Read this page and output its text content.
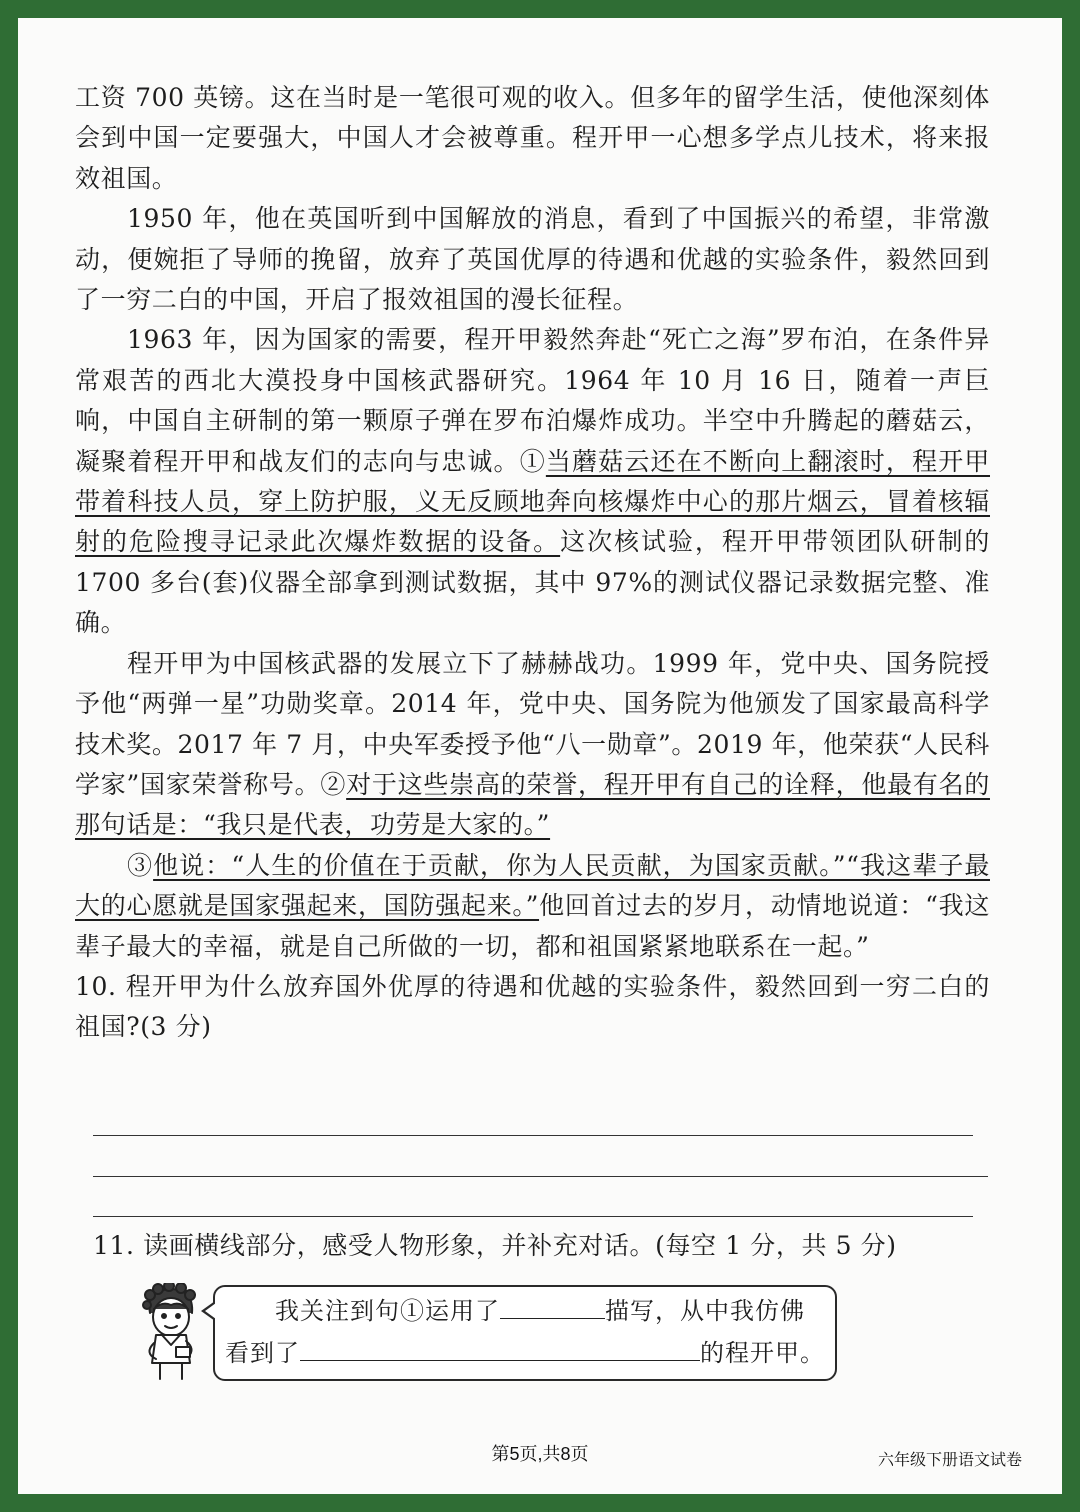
工资 700 英镑。这在当时是一笔很可观的收入。但多年的留学生活，使他深刻体会到中国一定要强大，中国人才会被尊重。程开甲一心想多学点儿技术，将来报效祖国。

1950 年，他在英国听到中国解放的消息，看到了中国振兴的希望，非常激动，便婉拒了导师的挽留，放弃了英国优厚的待遇和优越的实验条件，毅然回到了一穷二白的中国，开启了报效祖国的漫长征程。

1963 年，因为国家的需要，程开甲毅然奔赴“死亡之海”罗布泊，在条件异常艰苦的西北大漠投身中国核武器研究。1964 年 10 月 16 日，随着一声巨响，中国自主研制的第一颗原子弹在罗布泊爆炸成功。半空中升腾起的蘑菇云，凝聚着程开甲和战友们的志向与忠诚。①当蘑菇云还在不断向上翻滚时，程开甲带着科技人员，穿上防护服，义无反顾地奔向核爆炸中心的那片烟云，冒着核辐射的危险搜寻记录此次爆炸数据的设备。这次核试验，程开甲带领团队研制的 1700 多台(套)仪器全部拿到测试数据，其中 97%的测试仪器记录数据完整、准确。

程开甲为中国核武器的发展立下了赫赫战功。1999 年，党中央、国务院授予他“两弹一星”功勋奖章。2014 年，党中央、国务院为他颁发了国家最高科学技术奖。2017 年 7 月，中央军委授予他“八一勋章”。2019 年，他荣获“人民科学家”国家荣誉称号。②对于这些崇高的荣誉，程开甲有自己的诠释，他最有名的那句话是：“我只是代表，功劳是大家的。”

③他说：“人生的价值在于贡献，你为人民贡献，为国家贡献。”“我这辈子最大的心愿就是国家强起来，国防强起来。”他回首过去的岁月，动情地说道：“我这辈子最大的幸福，就是自己所做的一切，都和祖国紧紧地联系在一起。”

10. 程开甲为什么放弃国外优厚的待遇和优越的实验条件，毅然回到一穷二白的祖国?(3 分)

11. 读画横线部分，感受人物形象，并补充对话。(每空 1 分，共 5 分)
我关注到句①运用了	描写，从中我仿佛
看到了	的程开甲。
第5页,共8页	六年级下册语文试卷
